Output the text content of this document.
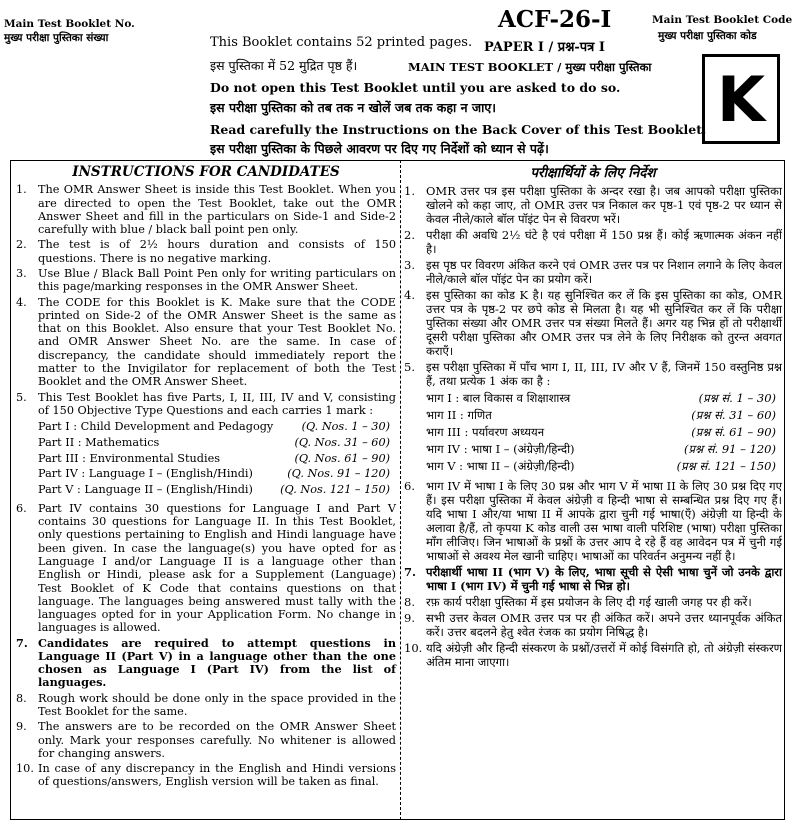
Main Test Booklet No.
मुख्य परीक्षा पुस्तिका संख्या
ACF-26-I
PAPER I / प्रश्न-पत्र I
MAIN TEST BOOKLET / मुख्य परीक्षा पुस्तिका
Main Test Booklet Code
मुख्य परीक्षा पुस्तिका कोड
K
This Booklet contains 52 printed pages.
इस पुस्तिका में 52 मुद्रित पृष्ठ हैं।
Do not open this Test Booklet until you are asked to do so.
इस परीक्षा पुस्तिका को तब तक न खोलें जब तक कहा न जाए।
Read carefully the Instructions on the Back Cover of this Test Booklet.
इस परीक्षा पुस्तिका के पिछले आवरण पर दिए गए निर्देशों को ध्यान से पढ़ें।
INSTRUCTIONS FOR CANDIDATES
1.	The OMR Answer Sheet is inside this Test Booklet. When you are directed to open the Test Booklet, take out the OMR Answer Sheet and fill in the particulars on Side-1 and Side-2 carefully with blue / black ball point pen only.
2.	The test is of 2½ hours duration and consists of 150 questions. There is no negative marking.
3.	Use Blue / Black Ball Point Pen only for writing particulars on this page/marking responses in the OMR Answer Sheet.
4.	The CODE for this Booklet is K. Make sure that the CODE printed on Side-2 of the OMR Answer Sheet is the same as that on this Booklet. Also ensure that your Test Booklet No. and OMR Answer Sheet No. are the same. In case of discrepancy, the candidate should immediately report the matter to the Invigilator for replacement of both the Test Booklet and the OMR Answer Sheet.
5.	This Test Booklet has five Parts, I, II, III, IV and V, consisting of 150 Objective Type Questions and each carries 1 mark :
Part I : Child Development and Pedagogy	(Q. Nos. 1 – 30)
Part II : Mathematics	(Q. Nos. 31 – 60)
Part III : Environmental Studies	(Q. Nos. 61 – 90)
Part IV : Language I – (English/Hindi)	(Q. Nos. 91 – 120)
Part V : Language II – (English/Hindi) (Q. Nos. 121 – 150)
6.	Part IV contains 30 questions for Language I and Part V contains 30 questions for Language II. In this Test Booklet, only questions pertaining to English and Hindi language have been given. In case the language(s) you have opted for as Language I and/or Language II is a language other than English or Hindi, please ask for a Supplement (Language) Test Booklet of K Code that contains questions on that language. The languages being answered must tally with the languages opted for in your Application Form. No change in languages is allowed.
7. Candidates are required to attempt questions in Language II (Part V) in a language other than the one chosen as Language I (Part IV) from the list of languages.
8.	Rough work should be done only in the space provided in the Test Booklet for the same.
9.	The answers are to be recorded on the OMR Answer Sheet only. Mark your responses carefully. No whitener is allowed for changing answers.
10. In case of any discrepancy in the English and Hindi versions of questions/answers, English version will be taken as final.
परीक्षार्थियों के लिए निर्देश
1. OMR उत्तर पत्र इस परीक्षा पुस्तिका के अन्दर रखा है। जब आपको परीक्षा पुस्तिका खोलने को कहा जाए, तो OMR उत्तर पत्र निकाल कर पृष्ठ-1 एवं पृष्ठ-2 पर ध्यान से केवल नीले/काले बॉल पॉइंट पेन से विवरण भरें।
2. परीक्षा की अवधि 2½ घंटे है एवं परीक्षा में 150 प्रश्न हैं। कोई ऋणात्मक अंकन नहीं है।
3. इस पृष्ठ पर विवरण अंकित करने एवं OMR उत्तर पत्र पर निशान लगाने के लिए केवल नीले/काले बॉल पॉइंट पेन का प्रयोग करें।
4. इस पुस्तिका का कोड K है। यह सुनिश्चित कर लें कि इस पुस्तिका का कोड, OMR उत्तर पत्र के पृष्ठ-2 पर छपे कोड से मिलता है। यह भी सुनिश्चित कर लें कि परीक्षा पुस्तिका संख्या और OMR उत्तर पत्र संख्या मिलते हैं। अगर यह भिन्न हों तो परीक्षार्थी दूसरी परीक्षा पुस्तिका और OMR उत्तर पत्र लेने के लिए निरीक्षक को तुरन्त अवगत कराएँ।
5. इस परीक्षा पुस्तिका में पाँच भाग I, II, III, IV और V हैं, जिनमें 150 वस्तुनिष्ठ प्रश्न हैं, तथा प्रत्येक 1 अंक का है :
भाग I : बाल विकास व शिक्षाशास्त्र	(प्रश्न सं. 1 – 30)
भाग II : गणित	(प्रश्न सं. 31 – 60)
भाग III : पर्यावरण अध्ययन	(प्रश्न सं. 61 – 90)
भाग IV : भाषा I – (अंग्रेज़ी/हिन्दी)	(प्रश्न सं. 91 – 120)
भाग V : भाषा II – (अंग्रेज़ी/हिन्दी)	(प्रश्न सं. 121 – 150)
6. भाग IV में भाषा I के लिए 30 प्रश्न और भाग V में भाषा II के लिए 30 प्रश्न दिए गए हैं। इस परीक्षा पुस्तिका में केवल अंग्रेज़ी व हिन्दी भाषा से सम्बन्धित प्रश्न दिए गए हैं। यदि भाषा I और/या भाषा II में आपके द्वारा चुनी गई भाषा(एँ) अंग्रेज़ी या हिन्दी के अलावा है/हैं, तो कृपया K कोड वाली उस भाषा वाली परिशिष्ट (भाषा) परीक्षा पुस्तिका माँग लीजिए। जिन भाषाओं के प्रश्नों के उत्तर आप दे रहे हैं वह आवेदन पत्र में चुनी गई भाषाओं से अवश्य मेल खानी चाहिए। भाषाओं का परिवर्तन अनुमन्य नहीं है।
7. परीक्षार्थी भाषा II (भाग V) के लिए, भाषा सूची से ऐसी भाषा चुनें जो उनके द्वारा भाषा I (भाग IV) में चुनी गई भाषा से भिन्न हो।
8. रफ़ कार्य परीक्षा पुस्तिका में इस प्रयोजन के लिए दी गई खाली जगह पर ही करें।
9. सभी उत्तर केवल OMR उत्तर पत्र पर ही अंकित करें। अपने उत्तर ध्यानपूर्वक अंकित करें। उत्तर बदलने हेतु श्वेत रंजक का प्रयोग निषिद्ध है।
10. यदि अंग्रेज़ी और हिन्दी संस्करण के प्रश्नों/उत्तरों में कोई विसंगति हो, तो अंग्रेज़ी संस्करण अंतिम माना जाएगा।
